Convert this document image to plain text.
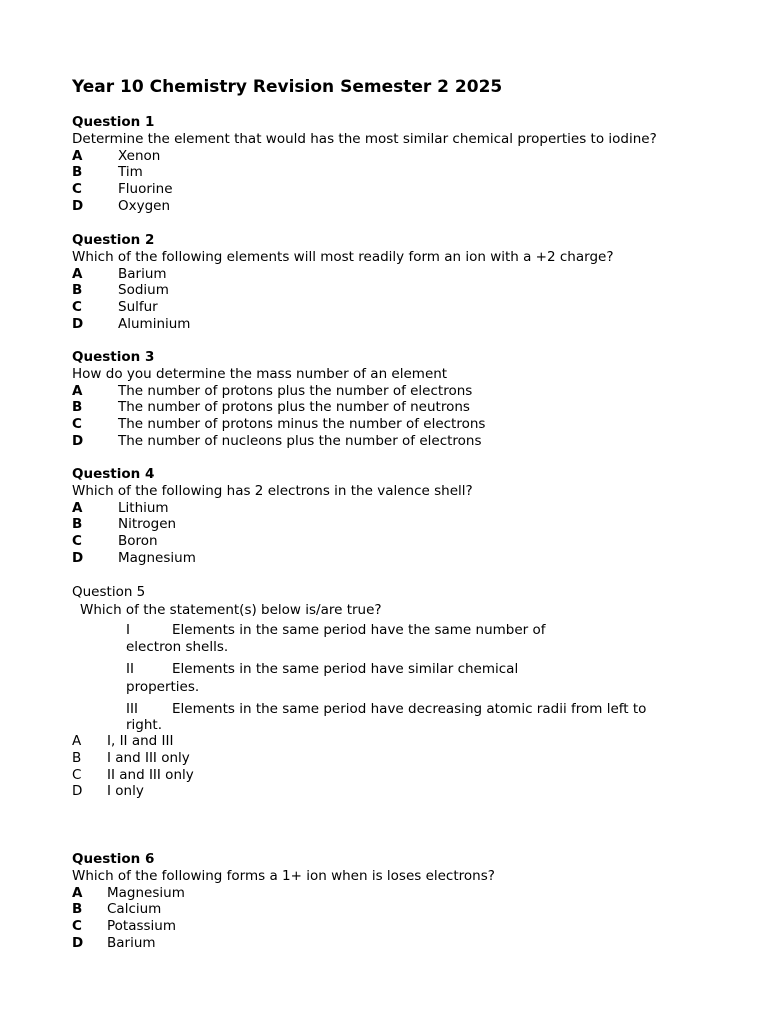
Year 10 Chemistry Revision Semester 2 2025
Question 1
Determine the element that would has the most similar chemical properties to iodine?
A	Xenon
B	Tim
C	Fluorine
D	Oxygen
Question 2
Which of the following elements will most readily form an ion with a +2 charge?
A	Barium
B	Sodium
C	Sulfur
D	Aluminium
Question 3
How do you determine the mass number of an element
A	The number of protons plus the number of electrons
B	The number of protons plus the number of neutrons
C	The number of protons minus the number of electrons
D	The number of nucleons plus the number of electrons
Question 4
Which of the following has 2 electrons in the valence shell?
A	Lithium
B	Nitrogen
C	Boron
D	Magnesium
Question 5
Which of the statement(s) below is/are true?
I	Elements in the same period have the same number of
electron shells.
II	Elements in the same period have similar chemical
properties.
III	Elements in the same period have decreasing atomic radii from left to
right.
A	I, II and III
B	I and III only
C	II and III only
D	I only
Question 6
Which of the following forms a 1+ ion when is loses electrons?
A	Magnesium
B	Calcium
C	Potassium
D	Barium
